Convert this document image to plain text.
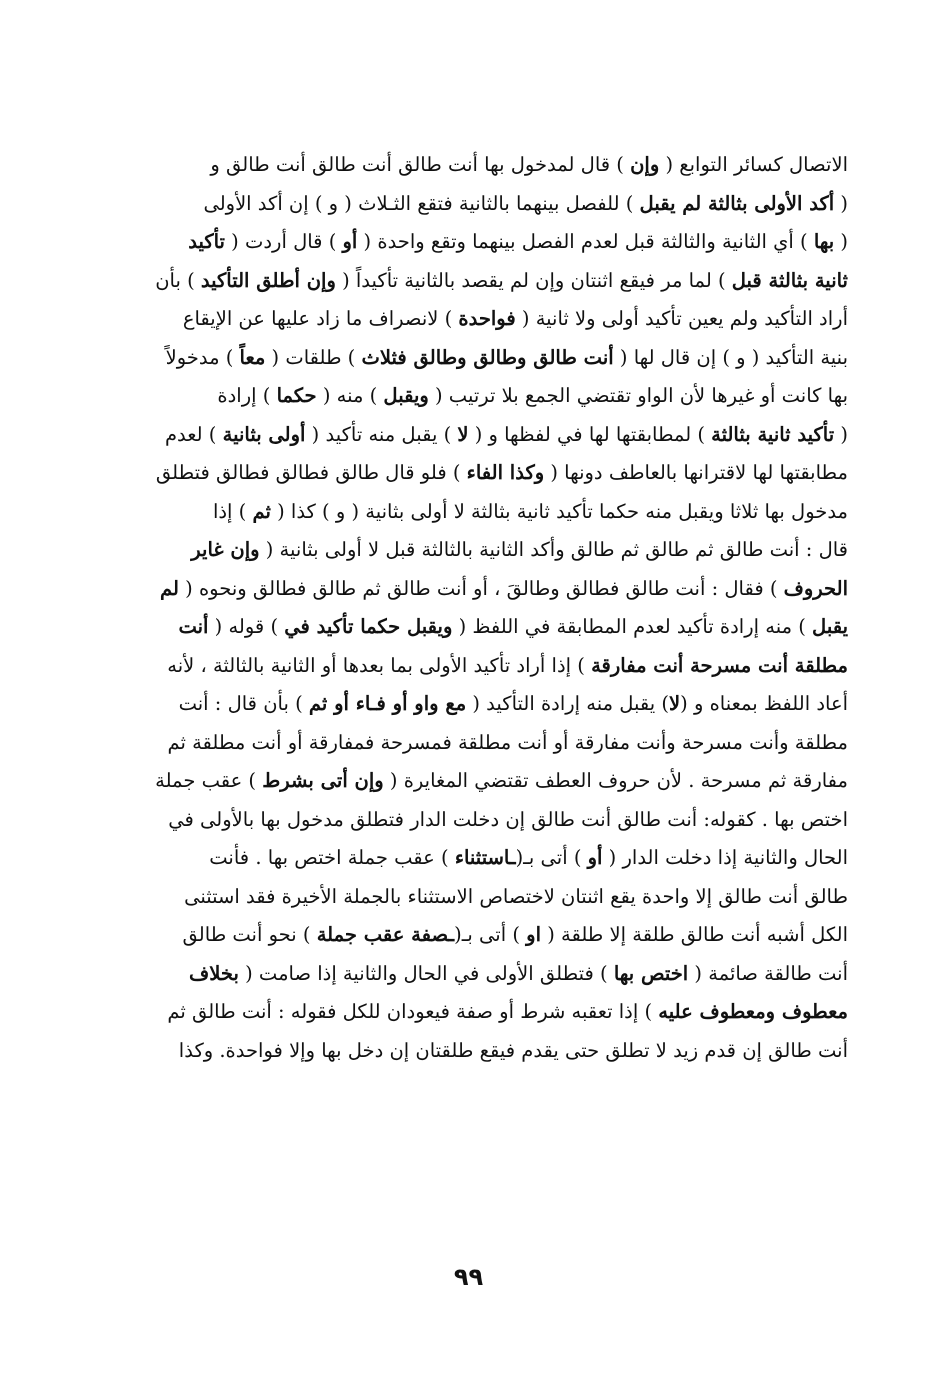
الاتصال كسائر التوابع ( وإن ) قال لمدخول بها أنت طالق أنت طالق أنت طالق و
( أكد الأولى بثالثة لم يقبل ) للفصل بينهما بالثانية فتقع الثـلاث ( و ) إن أكد الأولى
( بها ) أي الثانية والثالثة قبل لعدم الفصل بينهما وتقع واحدة ( أو ) قال أردت ( تأكيد
ثانية بثالثة قبل ) لما مر فيقع اثنتان وإن لم يقصد بالثانية تأكيداً ( وإن أطلق التأكيد ) بأن
أراد التأكيد ولم يعين تأكيد أولى ولا ثانية ( فواحدة ) لانصراف ما زاد عليها عن الإيقاع
بنية التأكيد ( و ) إن قال لها ( أنت طالق وطالق وطالق فثلاث ) طلقات ( معاً ) مدخولاً
بها كانت أو غيرها لأن الواو تقتضي الجمع بلا ترتيب ( ويقبل ) منه ( حكما ) إرادة
( تأكيد ثانية بثالثة ) لمطابقتها لها في لفظها و ( لا ) يقبل منه تأكيد ( أولى بثانية ) لعدم
مطابقتها لها لاقترانها بالعاطف دونها ( وكذا الفاء ) فلو قال طالق فطالق فطالق فتطلق
مدخول بها ثلاثا ويقبل منه حكما تأكيد ثانية بثالثة لا أولى بثانية ( و ) كذا ( ثم ) إذا
قال : أنت طالق ثم طالق ثم طالق وأكد الثانية بالثالثة قبل لا أولى بثانية ( وإن غاير
الحروف ) فقال : أنت طالق فطالق وطالقَ ، أو أنت طالق ثم طالق فطالق ونحوه ( لم
يقبل ) منه إرادة تأكيد لعدم المطابقة في اللفظ ( ويقبل حكما تأكيد في ) قوله ( أنت
مطلقة أنت مسرحة أنت مفارقة ) إذا أراد تأكيد الأولى بما بعدها أو الثانية بالثالثة ، لأنه
أعاد اللفظ بمعناه و (لا) يقبل منه إرادة التأكيد ( مع واو أو فـاء أو ثم ) بأن قال : أنت
مطلقة وأنت مسرحة وأنت مفارقة أو أنت مطلقة فمسرحة فمفارقة أو أنت مطلقة ثم
مفارقة ثم مسرحة . لأن حروف العطف تقتضي المغايرة ( وإن أتى بشرط ) عقب جملة
اختص بها . كقوله: أنت طالق أنت طالق إن دخلت الدار فتطلق مدخول بها بالأولى في
الحال والثانية إذا دخلت الدار ( أو ) أتى بـ(ـاستثناء ) عقب جملة اختص بها . فأنت
طالق أنت طالق إلا واحدة يقع اثنتان لاختصاص الاستثناء بالجملة الأخيرة فقد استثنى
الكل أشبه أنت طالق طلقة إلا طلقة ( او ) أتى بـ(ـصفة عقب جملة ) نحو أنت طالق
أنت طالقة صائمة ( اختص بها ) فتطلق الأولى في الحال والثانية إذا صامت ( بخلاف
معطوف ومعطوف عليه ) إذا تعقبه شرط أو صفة فيعودان للكل فقوله : أنت طالق ثم
أنت طالق إن قدم زيد لا تطلق حتى يقدم فيقع طلقتان إن دخل بها وإلا فواحدة. وكذا
٩٩
